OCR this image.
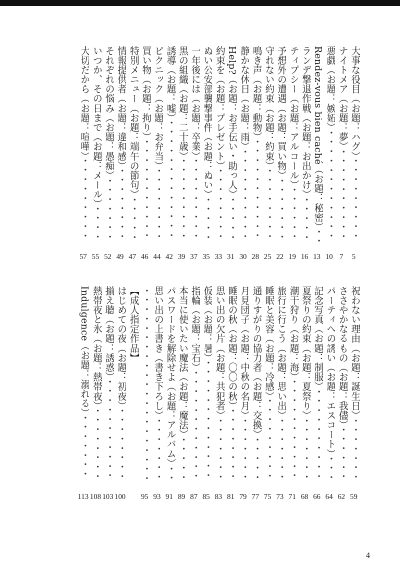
大事な役目（お題：ハグ） ・・・・・・・・・・・・・・・・・・・・・・・・・・・・・・・・・・・・
5
ナイトメア（お題：夢） ・・・・・・・・・・・・・・・・・・・・・・・・・・・・・・・・・・・・
7
悪戯（お題：嫉妬） ・・・・・・・・・・・・・・・・・・・・・・・・・・・・・・・・・・・・
10
Rendez-vous bien caché（お題：秘密） ・・・・・・・・・・・・・・・・・・・・・・・・・・・・・・・・・・・・
13
ランデ撃退作戦（お題：お出かけ） ・・・・・・・・・・・・・・・・・・・・・・・・・・・・・・・・・・・・
16
ティプシー（お題：アルコール） ・・・・・・・・・・・・・・・・・・・・・・・・・・・・・・・・・・・・
19
予想外の遭遇（お題：買い物） ・・・・・・・・・・・・・・・・・・・・・・・・・・・・・・・・・・・・
22
守れない約束（お題：約束） ・・・・・・・・・・・・・・・・・・・・・・・・・・・・・・・・・・・・
25
鳴き声（お題：動物） ・・・・・・・・・・・・・・・・・・・・・・・・・・・・・・・・・・・・
28
静かな休日（お題：雨） ・・・・・・・・・・・・・・・・・・・・・・・・・・・・・・・・・・・・
30
Help?（お題：お手伝い・助っ人） ・・・・・・・・・・・・・・・・・・・・・・・・・・・・・・・・・・・・
31
約束を（お題：プレゼント） ・・・・・・・・・・・・・・・・・・・・・・・・・・・・・・・・・・・・
33
ぬい公安部襲撃事件（お題：ぬい） ・・・・・・・・・・・・・・・・・・・・・・・・・・・・・・・・・・・・
35
一年後には（お題：卒業） ・・・・・・・・・・・・・・・・・・・・・・・・・・・・・・・・・・・・
37
黒の組織（お題：二十歳） ・・・・・・・・・・・・・・・・・・・・・・・・・・・・・・・・・・・・
39
誘導（お題：嘘） ・・・・・・・・・・・・・・・・・・・・・・・・・・・・・・・・・・・・
42
ピクニック（お題：お弁当） ・・・・・・・・・・・・・・・・・・・・・・・・・・・・・・・・・・・・
44
買い物（お題：拘り） ・・・・・・・・・・・・・・・・・・・・・・・・・・・・・・・・・・・・
46
特別メニュー（お題：端午の節句） ・・・・・・・・・・・・・・・・・・・・・・・・・・・・・・・・・・・・
47
情報提供者（お題：違和感） ・・・・・・・・・・・・・・・・・・・・・・・・・・・・・・・・・・・・
49
それぞれの悩み（お題：愚痴） ・・・・・・・・・・・・・・・・・・・・・・・・・・・・・・・・・・・・
52
いつか、その日まで（お題：メール） ・・・・・・・・・・・・・・・・・・・・・・・・・・・・・・・・・・・・
55
大切だから（お題：喧嘩） ・・・・・・・・・・・・・・・・・・・・・・・・・・・・・・・・・・・・
57
祝わない理由（お題：誕生日） ・・・・・・・・・・・・・・・・・・・・・・・・・・・・・・・・・・・・
59
ささやかなるもの（お題：我儘） ・・・・・・・・・・・・・・・・・・・・・・・・・・・・・・・・・・・・
62
パーティへの誘い（お題：エスコート） ・・・・・・・・・・・・・・・・・・・・・・・・・・・・・・・・・・・・
64
記念写真（お題：制服） ・・・・・・・・・・・・・・・・・・・・・・・・・・・・・・・・・・・・
66
夏祭りの約束（お題：夏祭り） ・・・・・・・・・・・・・・・・・・・・・・・・・・・・・・・・・・・・
68
潮干狩り（お題：海） ・・・・・・・・・・・・・・・・・・・・・・・・・・・・・・・・・・・・
71
旅行に行こう（お題：思い出） ・・・・・・・・・・・・・・・・・・・・・・・・・・・・・・・・・・・・
73
睡眠と美容（お題：冷感） ・・・・・・・・・・・・・・・・・・・・・・・・・・・・・・・・・・・・
75
通りすがりの協力者（お題：交換） ・・・・・・・・・・・・・・・・・・・・・・・・・・・・・・・・・・・・
77
月見団子（お題：中秋の名月） ・・・・・・・・・・・・・・・・・・・・・・・・・・・・・・・・・・・・
79
睡眠の秋（お題：〇〇の秋） ・・・・・・・・・・・・・・・・・・・・・・・・・・・・・・・・・・・・
81
思い出の欠片（お題：共犯者） ・・・・・・・・・・・・・・・・・・・・・・・・・・・・・・・・・・・・
83
仮装（お題：暑） ・・・・・・・・・・・・・・・・・・・・・・・・・・・・・・・・・・・・
85
指輪（お題：宝石） ・・・・・・・・・・・・・・・・・・・・・・・・・・・・・・・・・・・・
87
本当に使いたい魔法（お題：魔法） ・・・・・・・・・・・・・・・・・・・・・・・・・・・・・・・・・・・・
89
パスワードを解除せよ（お題：アルバム） ・・・・・・・・・・・・・・・・・・・・・・・・・・・・・・・・・・・・
91
思い出の上書き（書き下ろし） ・・・・・・・・・・・・・・・・・・・・・・・・・・・・・・・・・・・・
93
・・・・・・・・・・・・・・・・・・・・・・・・・・・・・・・・・・・・
95
【成人指定作品】
はじめての夜（お題：初夜） ・・・・・・・・・・・・・・・・・・・・・・・・・・・・・・・・・・・・
100
揃え聴（お題：誘惑） ・・・・・・・・・・・・・・・・・・・・・・・・・・・・・・・・・・・・
103
熱帯夜と氷（お題：熱帯夜） ・・・・・・・・・・・・・・・・・・・・・・・・・・・・・・・・・・・・
108
Indulgence（お題：溺れる） ・・・・・・・・・・・・・・・・・・・・・・・・・・・・・・・・・・・・
113
4
